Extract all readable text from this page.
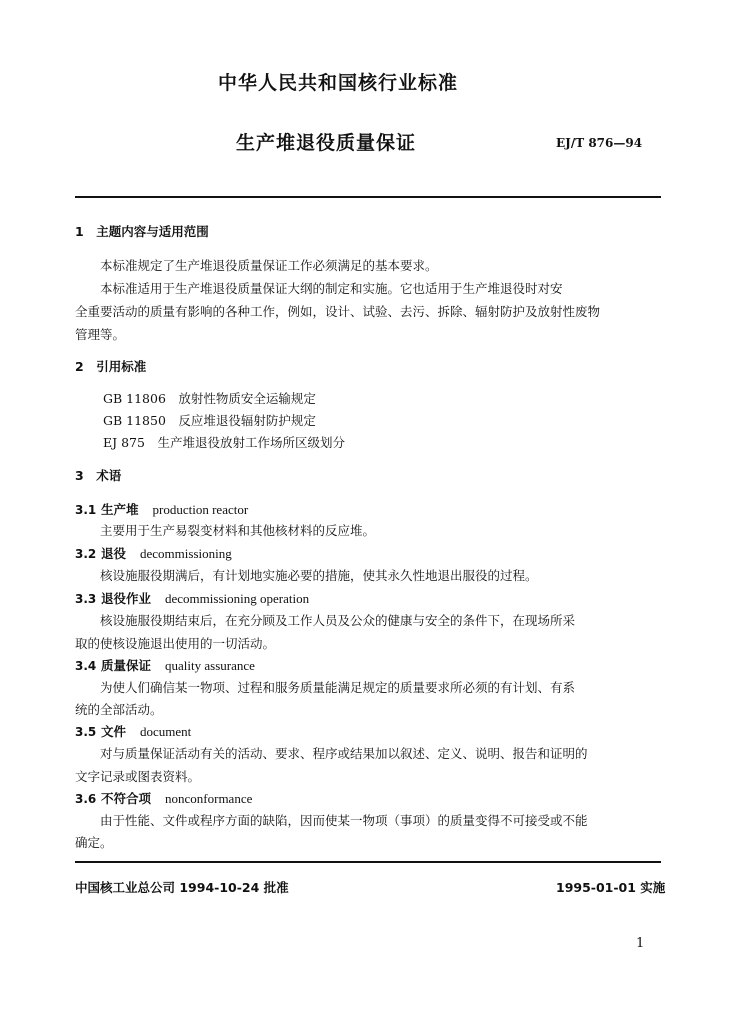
中华人民共和国核行业标准
生产堆退役质量保证	EJ/T 876—94
1　主题内容与适用范围
本标准规定了生产堆退役质量保证工作必须满足的基本要求。
本标准适用于生产堆退役质量保证大纲的制定和实施。它也适用于生产堆退役时对安
全重要活动的质量有影响的各种工作，例如，设计、试验、去污、拆除、辐射防护及放射性废物
管理等。
2　引用标准
GB 11806　放射性物质安全运输规定
GB 11850　反应堆退役辐射防护规定
EJ 875　生产堆退役放射工作场所区级划分
3　术语
3.1 生产堆 production reactor
主要用于生产易裂变材料和其他核材料的反应堆。
3.2 退役 decommissioning
核设施服役期满后，有计划地实施必要的措施，使其永久性地退出服役的过程。
3.3 退役作业 decommissioning operation
核设施服役期结束后，在充分顾及工作人员及公众的健康与安全的条件下，在现场所采
取的使核设施退出使用的一切活动。
3.4 质量保证 quality assurance
为使人们确信某一物项、过程和服务质量能满足规定的质量要求所必须的有计划、有系
统的全部活动。
3.5 文件 document
对与质量保证活动有关的活动、要求、程序或结果加以叙述、定义、说明、报告和证明的
文字记录或图表资料。
3.6 不符合项 nonconformance
由于性能、文件或程序方面的缺陷，因而使某一物项（事项）的质量变得不可接受或不能
确定。
中国核工业总公司 1994-10-24 批准	1995-01-01 实施
1
